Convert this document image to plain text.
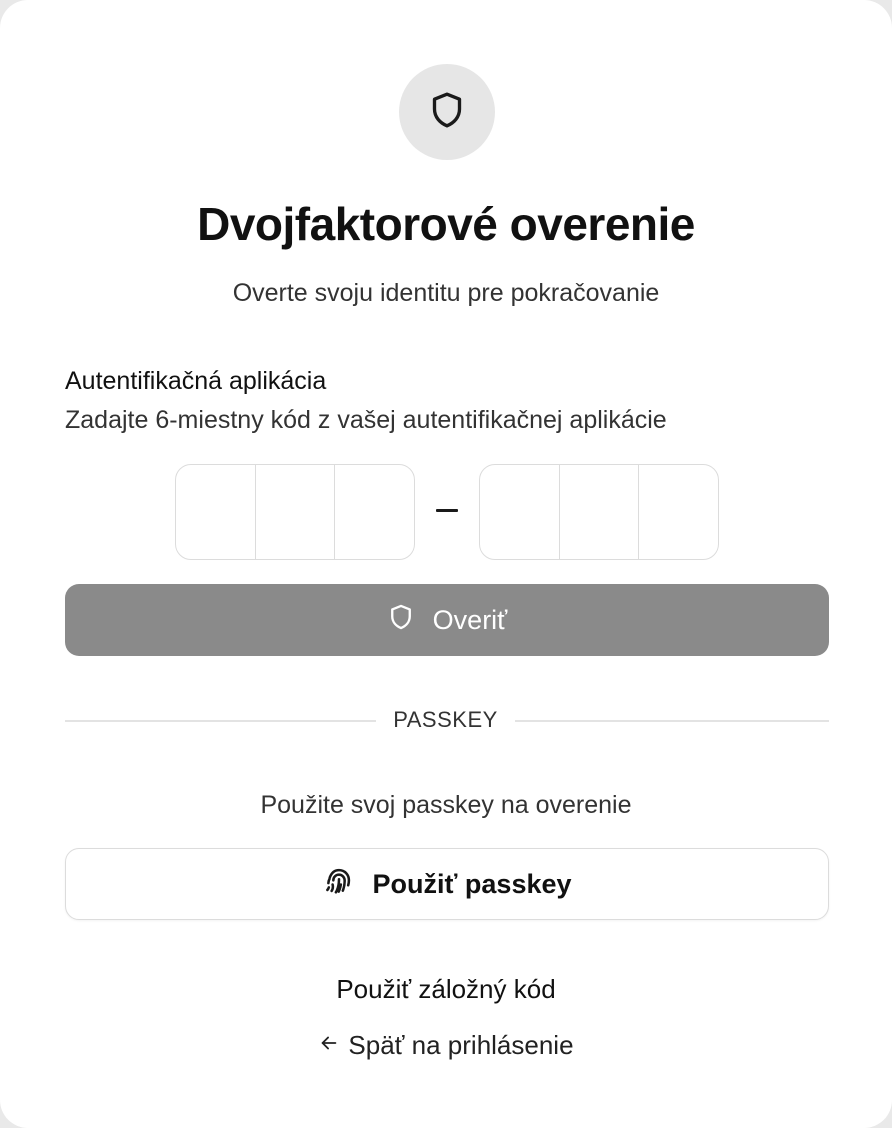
Dvojfaktorové overenie
Overte svoju identitu pre pokračovanie
Autentifikačná aplikácia
Zadajte 6-miestny kód z vašej autentifikačnej aplikácie
Overiť
PASSKEY
Použite svoj passkey na overenie
Použiť passkey
Použiť záložný kód
Späť na prihlásenie
